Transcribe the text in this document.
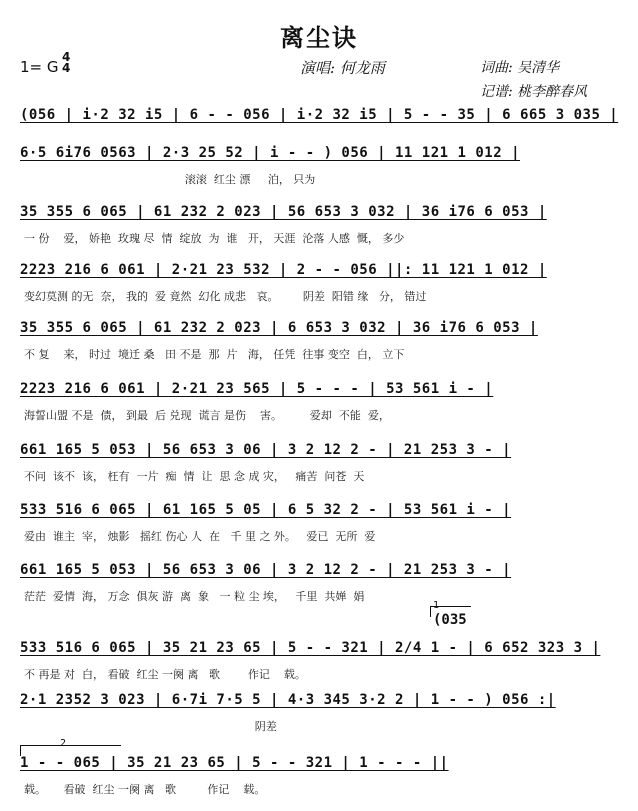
离尘诀
1= G
4
4	演唱: 何龙雨	词曲: 吴清华
记谱: 桃李醉春风
(056 | i·2 32 i5 | 6 - - 056 | i·2 32 i5 | 5 - - 35 | 6 665 3 035 |
6·5 6i76 0563 | 2·3 25 52 | i - - ) 056 | 11 121 1 012 |
滚滚  红尘 漂     泊， 只为
35 355 6 065 | 61 232 2 023 | 56 653 3 032 | 36 i76 6 053 |
一 份    爱， 娇艳  玫瑰 尽  情  绽放  为  谁   开， 天涯  沦落 人感  慨， 多少
2223 216 6 061 | 2·21 23 532 | 2 - - 056 ||: 11 121 1 012 |
变幻莫测 的无  奈， 我的  爱 竟然  幻化 成悲   哀。       阴差  阳错 缘   分， 错过
35 355 6 065 | 61 232 2 023 | 6 653 3 032 | 36 i76 6 053 |
不 复    来， 时过  境迁 桑   田 不是  那  片   海， 任凭  往事 变空  白， 立下
2223 216 6 061 | 2·21 23 565 | 5 - - - | 53 561 i - |
海誓山盟 不是  债， 到最  后 兑现  谎言 是伤    害。        爱却  不能  爱，
661 165 5 053 | 56 653 3 06 | 3 2 12 2 - | 21 253 3 - |
不问  该不  该， 枉有  一片  痴  情  让  思 念 成 灾，   痛苦  问苍  天
533 516 6 065 | 61 165 5 05 | 6 5 32 2 - | 53 561 i - |
爱由  谁主  宰， 烛影   摇红 伤心 人  在   千 里 之 外。   爱已  无所  爱
661 165 5 053 | 56 653 3 06 | 3 2 12 2 - | 21 253 3 - |
茫茫  爱情  海， 万念  俱灰 游  离  象   一 粒 尘 埃，   千里  共婵  娟
1
(035
533 516 6 065 | 35 21 23 65 | 5 - - 321 | 2/4 1 - | 6 652 323 3 |
不 再是 对  白， 看破  红尘 一阕 离   歌        作记    载。
2·1 2352 3 023 | 6·7i 7·5 5 | 4·3 345 3·2 2 | 1 - - ) 056 :|
阴差
2
1 - - 065 | 35 21 23 65 | 5 - - 321 | 1 - - - ||
载。     看破  红尘 一阕 离   歌         作记    载。
